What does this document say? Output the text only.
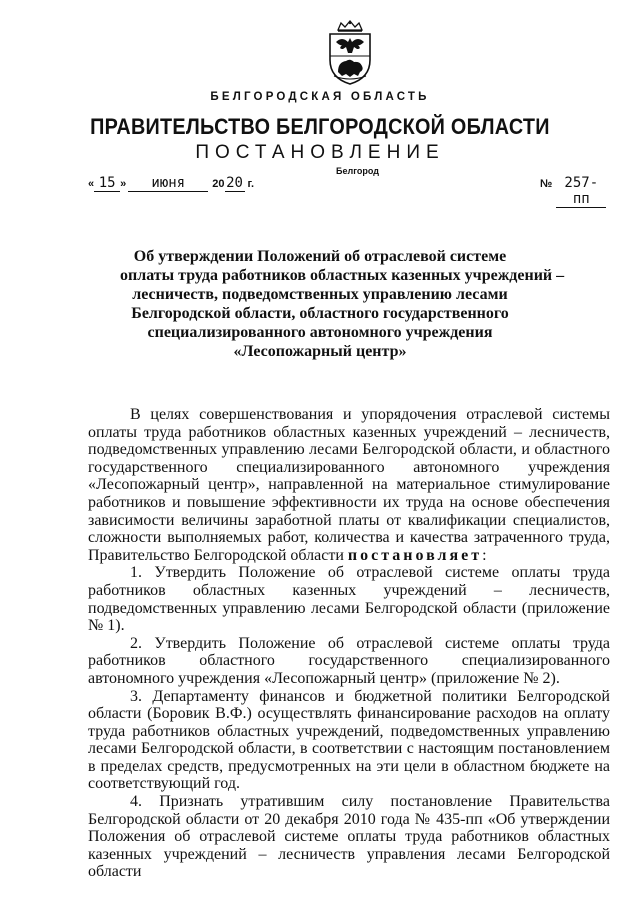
БЕЛГОРОДСКАЯ ОБЛАСТЬ
ПРАВИТЕЛЬСТВО БЕЛГОРОДСКОЙ ОБЛАСТИ
ПОСТАНОВЛЕНИЕ
Белгород
« 15 »	июня	20 20 г.	№ 257-пп
Об утверждении Положений об отраслевой системе
оплаты труда работников областных казенных учреждений –
лесничеств, подведомственных управлению лесами
Белгородской области, областного государственного
специализированного автономного учреждения
«Лесопожарный центр»

В целях совершенствования и упорядочения отраслевой системы оплаты труда работников областных казенных учреждений – лесничеств, подведомственных управлению лесами Белгородской области, и областного государственного специализированного автономного учреждения «Лесопожарный центр», направленной на материальное стимулирование работников и повышение эффективности их труда на основе обеспечения зависимости величины заработной платы от квалификации специалистов, сложности выполняемых работ, количества и качества затраченного труда, Правительство Белгородской области постановляет:

1. Утвердить Положение об отраслевой системе оплаты труда работников областных казенных учреждений – лесничеств, подведомственных управлению лесами Белгородской области (приложение № 1).

2. Утвердить Положение об отраслевой системе оплаты труда работников областного государственного специализированного автономного учреждения «Лесопожарный центр» (приложение № 2).

3. Департаменту финансов и бюджетной политики Белгородской области (Боровик В.Ф.) осуществлять финансирование расходов на оплату труда работников областных учреждений, подведомственных управлению лесами Белгородской области, в соответствии с настоящим постановлением в пределах средств, предусмотренных на эти цели в областном бюджете на соответствующий год.

4. Признать утратившим силу постановление Правительства Белгородской области от 20 декабря 2010 года № 435-пп «Об утверждении Положения об отраслевой системе оплаты труда работников областных казенных учреждений – лесничеств управления лесами Белгородской области
